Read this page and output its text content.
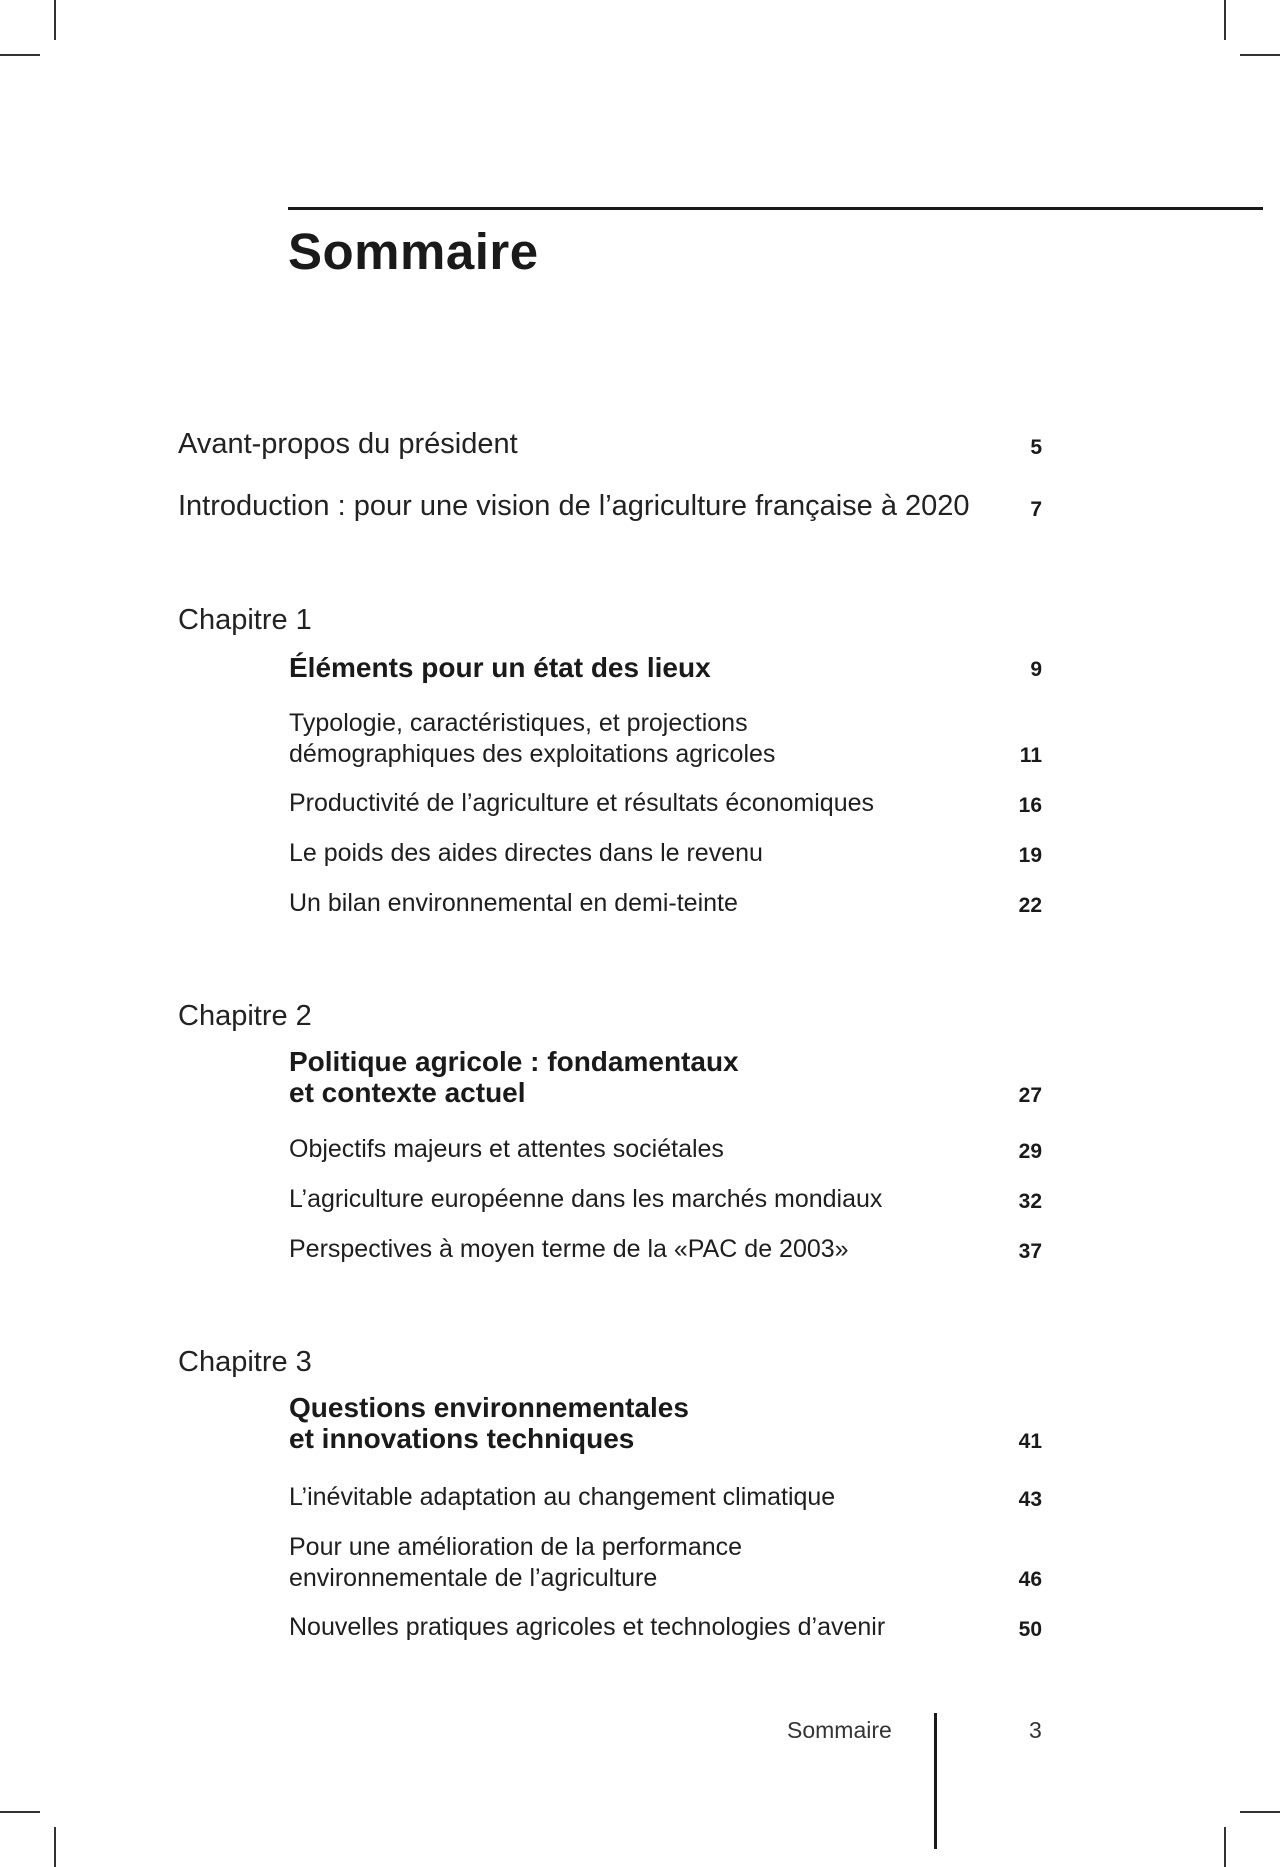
Sommaire
Avant-propos du président	5
Introduction : pour une vision de l’agriculture française à 2020	7
Chapitre 1
Éléments pour un état des lieux	9
Typologie, caractéristiques, et projections
démographiques des exploitations agricoles	11
Productivité de l’agriculture et résultats économiques	16
Le poids des aides directes dans le revenu	19
Un bilan environnemental en demi-teinte	22
Chapitre 2
Politique agricole : fondamentaux
et contexte actuel	27
Objectifs majeurs et attentes sociétales	29
L’agriculture européenne dans les marchés mondiaux	32
Perspectives à moyen terme de la «PAC de 2003»	37
Chapitre 3
Questions environnementales
et innovations techniques	41
L’inévitable adaptation au changement climatique	43
Pour une amélioration de la performance
environnementale de l’agriculture	46
Nouvelles pratiques agricoles et technologies d’avenir	50
Sommaire	3
